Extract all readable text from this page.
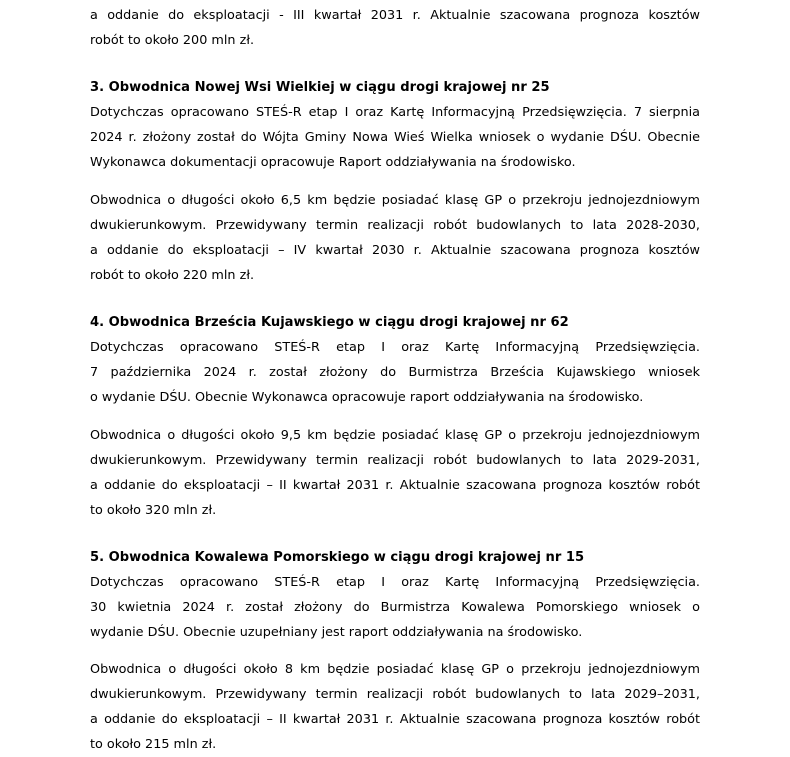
a oddanie do eksploatacji - III kwartał 2031 r. Aktualnie szacowana prognoza kosztów
robót to około 200 mln zł.

3. Obwodnica Nowej Wsi Wielkiej w ciągu drogi krajowej nr 25

Dotychczas opracowano STEŚ-R etap I oraz Kartę Informacyjną Przedsięwzięcia. 7 sierpnia
2024 r. złożony został do Wójta Gminy Nowa Wieś Wielka wniosek o wydanie DŚU. Obecnie
Wykonawca dokumentacji opracowuje Raport oddziaływania na środowisko.

Obwodnica o długości około 6,5 km będzie posiadać klasę GP o przekroju jednojezdniowym
dwukierunkowym. Przewidywany termin realizacji robót budowlanych to lata 2028-2030,
a oddanie do eksploatacji – IV kwartał 2030 r. Aktualnie szacowana prognoza kosztów
robót to około 220 mln zł.

4. Obwodnica Brześcia Kujawskiego w ciągu drogi krajowej nr 62

Dotychczas opracowano STEŚ-R etap I oraz Kartę Informacyjną Przedsięwzięcia.
7 października 2024 r. został złożony do Burmistrza Brześcia Kujawskiego wniosek
o wydanie DŚU. Obecnie Wykonawca opracowuje raport oddziaływania na środowisko.

Obwodnica o długości około 9,5 km będzie posiadać klasę GP o przekroju jednojezdniowym
dwukierunkowym. Przewidywany termin realizacji robót budowlanych to lata 2029-2031,
a oddanie do eksploatacji – II kwartał 2031 r. Aktualnie szacowana prognoza kosztów robót
to około 320 mln zł.

5. Obwodnica Kowalewa Pomorskiego w ciągu drogi krajowej nr 15

Dotychczas opracowano STEŚ-R etap I oraz Kartę Informacyjną Przedsięwzięcia.
30 kwietnia 2024 r. został złożony do Burmistrza Kowalewa Pomorskiego wniosek o
wydanie DŚU. Obecnie uzupełniany jest raport oddziaływania na środowisko.

Obwodnica o długości około 8 km będzie posiadać klasę GP o przekroju jednojezdniowym
dwukierunkowym. Przewidywany termin realizacji robót budowlanych to lata 2029–2031,
a oddanie do eksploatacji – II kwartał 2031 r. Aktualnie szacowana prognoza kosztów robót
to około 215 mln zł.
